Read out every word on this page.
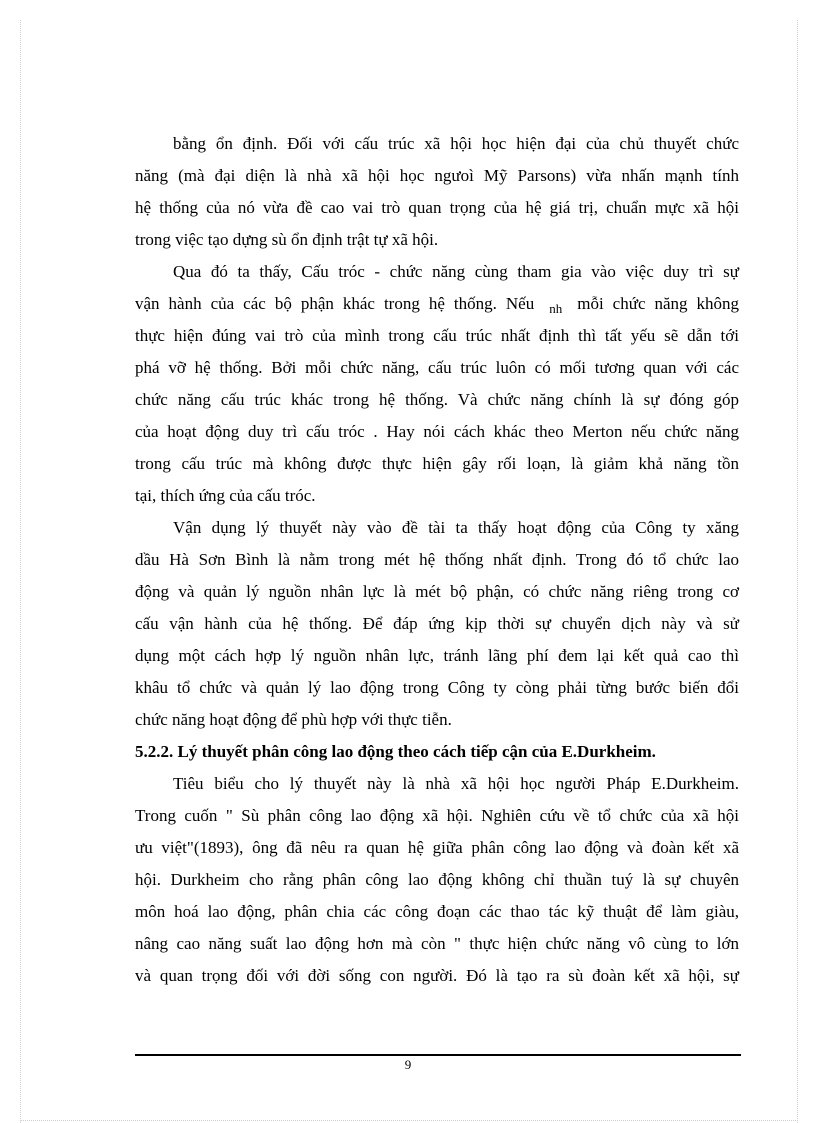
bằng ổn định. Đối với cấu trúc xã hội học hiện đại của chủ thuyết chức
năng (mà đại diện là nhà xã hội học ngưoì Mỹ Parsons) vừa nhấn mạnh tính
hệ thống của nó vừa đề cao vai trò quan trọng của hệ giá trị, chuẩn mực xã hội
trong việc tạo dựng sù ổn định trật tự xã hội.
Qua đó ta thấy, Cấu tróc - chức năng cùng tham gia vào việc duy trì sự
vận hành của các bộ phận khác trong hệ thống. Nếu $_{nh}$ mỗi chức năng không
thực hiện đúng vai trò của mình trong cấu trúc nhất định thì tất yếu sẽ dẫn tới
phá vỡ hệ thống. Bởi mỗi chức năng, cấu trúc luôn có mối tương quan với các
chức năng cấu trúc khác trong hệ thống. Và chức năng chính là sự đóng góp
của hoạt động duy trì cấu tróc . Hay nói cách khác theo Merton nếu chức năng
trong cấu trúc mà không được thực hiện gây rối loạn, là giảm khả năng tồn
tại, thích ứng của cấu tróc.
Vận dụng lý thuyết này vào đề tài ta thấy hoạt động của Công ty xăng
dầu Hà Sơn Bình là nằm trong mét hệ thống nhất định. Trong đó tổ chức lao
động và quản lý nguồn nhân lực là mét bộ phận, có chức năng riêng trong cơ
cấu vận hành của hệ thống. Để đáp ứng kịp thời sự chuyển dịch này và sử
dụng một cách hợp lý nguồn nhân lực, tránh lãng phí đem lại kết quả cao thì
khâu tổ chức và quản lý lao động trong Công ty còng phải từng bước biến đổi
chức năng hoạt động để phù hợp với thực tiễn.
5.2.2. Lý thuyết phân công lao động theo cách tiếp cận của E.Durkheim.
Tiêu biểu cho lý thuyết này là nhà xã hội học người Pháp E.Durkheim.
Trong cuốn " Sù phân công lao động xã hội. Nghiên cứu về tổ chức của xã hội
ưu việt"(1893), ông đã nêu ra quan hệ giữa phân công lao động và đoàn kết xã
hội. Durkheim cho rằng phân công lao động không chỉ thuần tuý là sự chuyên
môn hoá lao động, phân chia các công đoạn các thao tác kỹ thuật để làm giàu,
nâng cao năng suất lao động hơn mà còn " thực hiện chức năng vô cùng to lớn
và quan trọng đối với đời sống con người. Đó là tạo ra sù đoàn kết xã hội, sự
9
